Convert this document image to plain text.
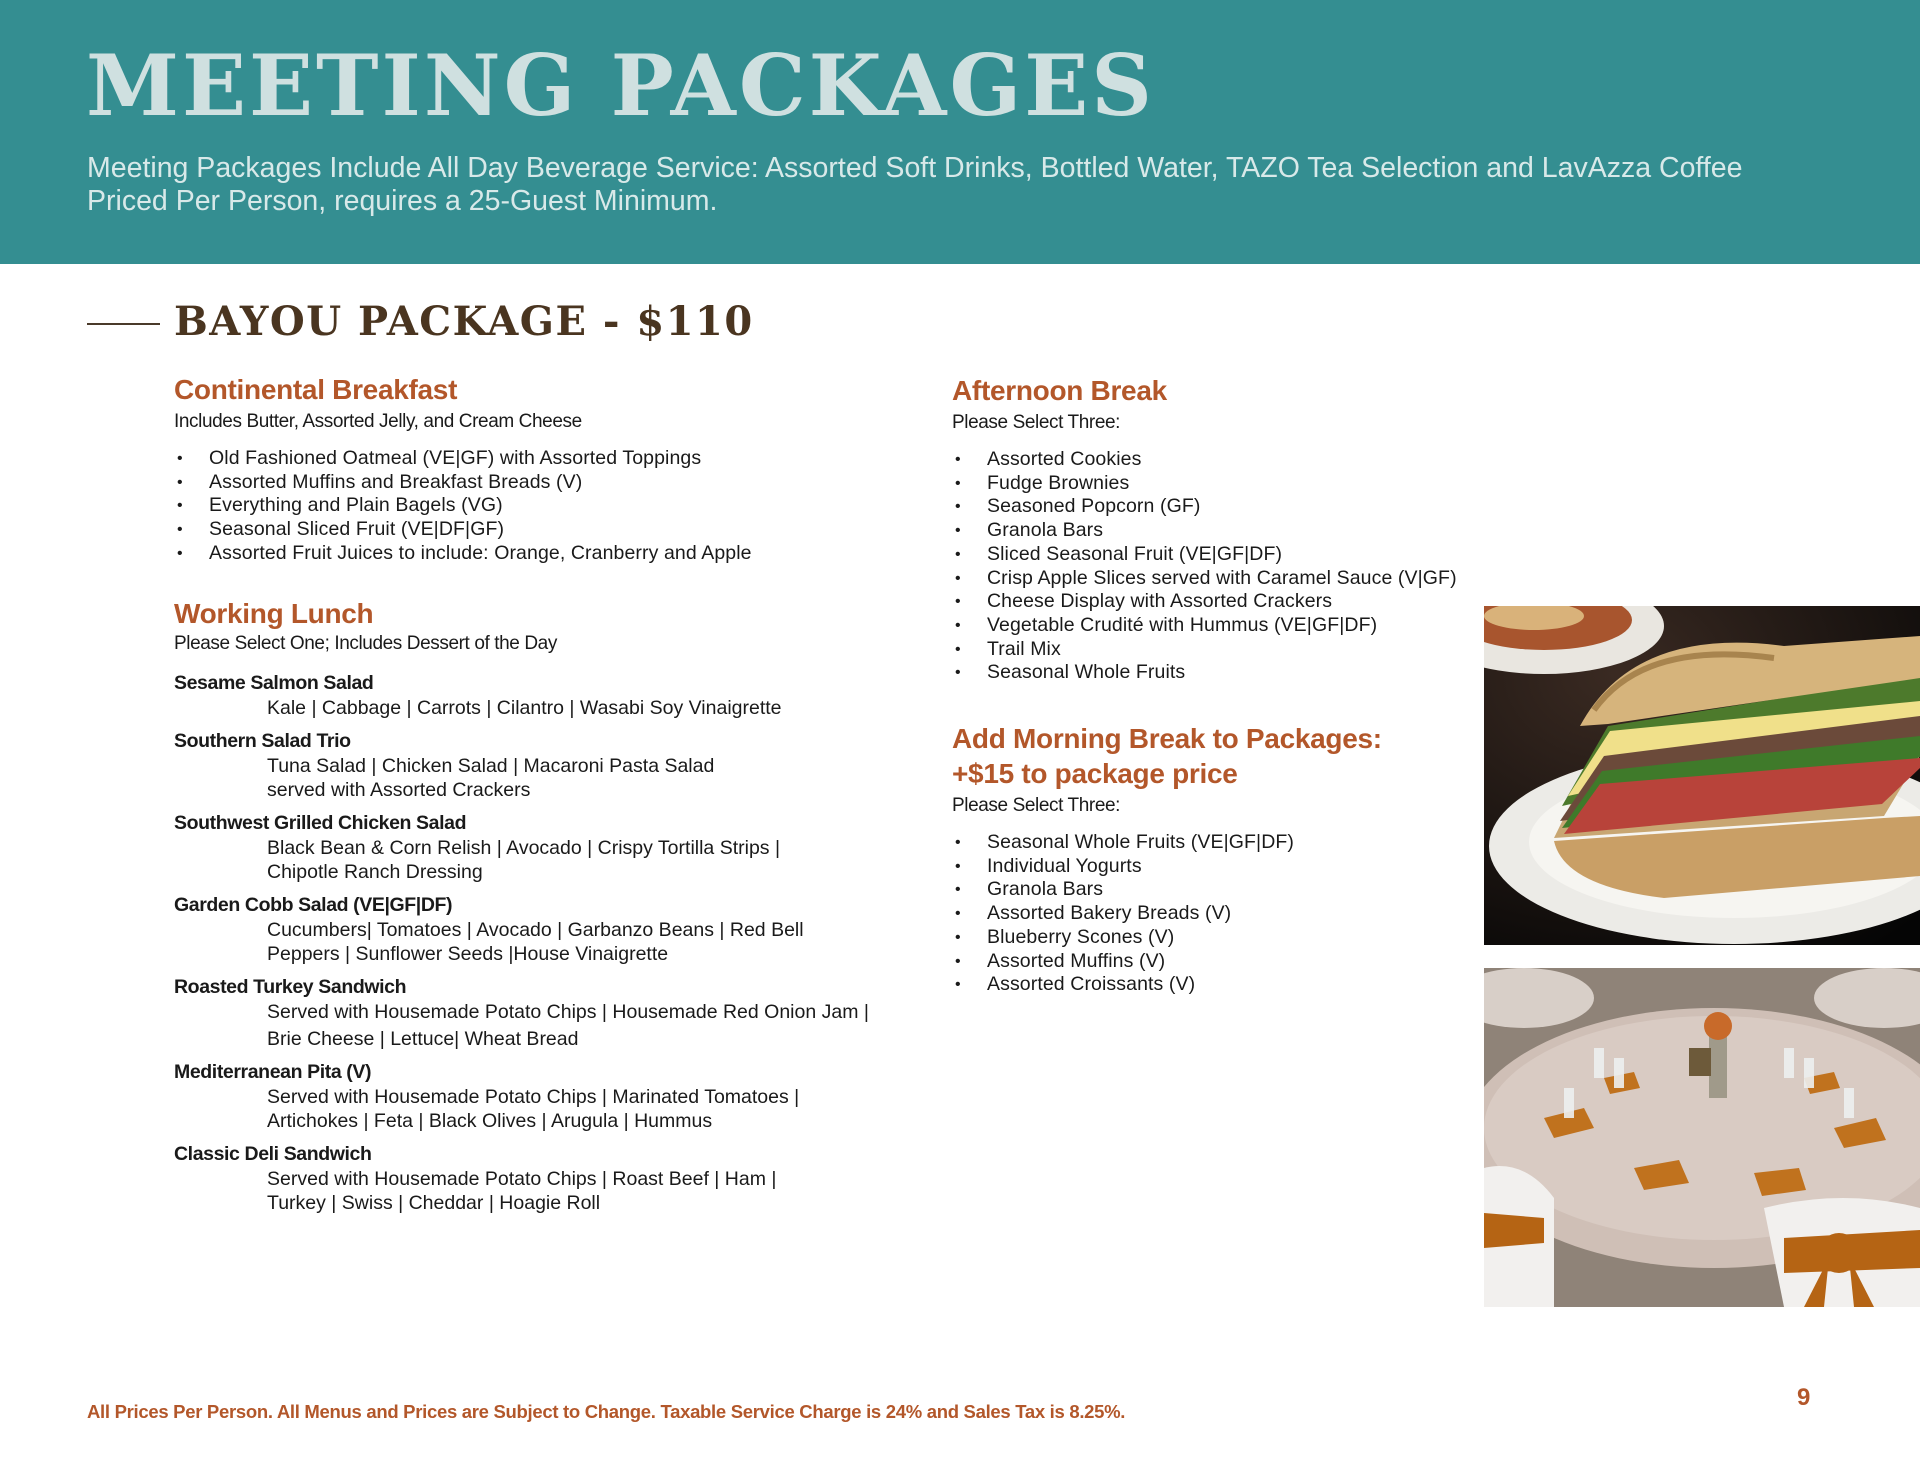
MEETING PACKAGES
Meeting Packages Include All Day Beverage Service: Assorted Soft Drinks, Bottled Water, TAZO Tea Selection and LavAzza Coffee
Priced Per Person, requires a 25-Guest Minimum.
BAYOU PACKAGE - $110
Continental Breakfast
Includes Butter, Assorted Jelly, and Cream Cheese
• Old Fashioned Oatmeal (VE|GF) with Assorted Toppings
• Assorted Muffins and Breakfast Breads (V)
• Everything and Plain Bagels (VG)
• Seasonal Sliced Fruit (VE|DF|GF)
• Assorted Fruit Juices to include: Orange, Cranberry and Apple
Working Lunch
Please Select One; Includes Dessert of the Day
Sesame Salmon Salad
Kale | Cabbage | Carrots | Cilantro | Wasabi Soy Vinaigrette
Southern Salad Trio
Tuna Salad | Chicken Salad | Macaroni Pasta Salad
served with Assorted Crackers
Southwest Grilled Chicken Salad
Black Bean & Corn Relish | Avocado | Crispy Tortilla Strips |
Chipotle Ranch Dressing
Garden Cobb Salad (VE|GF|DF)
Cucumbers| Tomatoes | Avocado | Garbanzo Beans | Red Bell
Peppers | Sunflower Seeds |House Vinaigrette
Roasted Turkey Sandwich
Served with Housemade Potato Chips | Housemade Red Onion Jam |
Brie Cheese | Lettuce| Wheat Bread
Mediterranean Pita (V)
Served with Housemade Potato Chips | Marinated Tomatoes |
Artichokes | Feta | Black Olives | Arugula | Hummus
Classic Deli Sandwich
Served with Housemade Potato Chips | Roast Beef | Ham |
Turkey | Swiss | Cheddar | Hoagie Roll
Afternoon Break
Please Select Three:
• Assorted Cookies
• Fudge Brownies
• Seasoned Popcorn (GF)
• Granola Bars
• Sliced Seasonal Fruit (VE|GF|DF)
• Crisp Apple Slices served with Caramel Sauce (V|GF)
• Cheese Display with Assorted Crackers
• Vegetable Crudité with Hummus (VE|GF|DF)
• Trail Mix
• Seasonal Whole Fruits
Add Morning Break to Packages:
+$15 to package price
Please Select Three:
• Seasonal Whole Fruits (VE|GF|DF)
• Individual Yogurts
• Granola Bars
• Assorted Bakery Breads (V)
• Blueberry Scones (V)
• Assorted Muffins (V)
• Assorted Croissants (V)
All Prices Per Person. All Menus and Prices are Subject to Change. Taxable Service Charge is 24% and Sales Tax is 8.25%.
9
